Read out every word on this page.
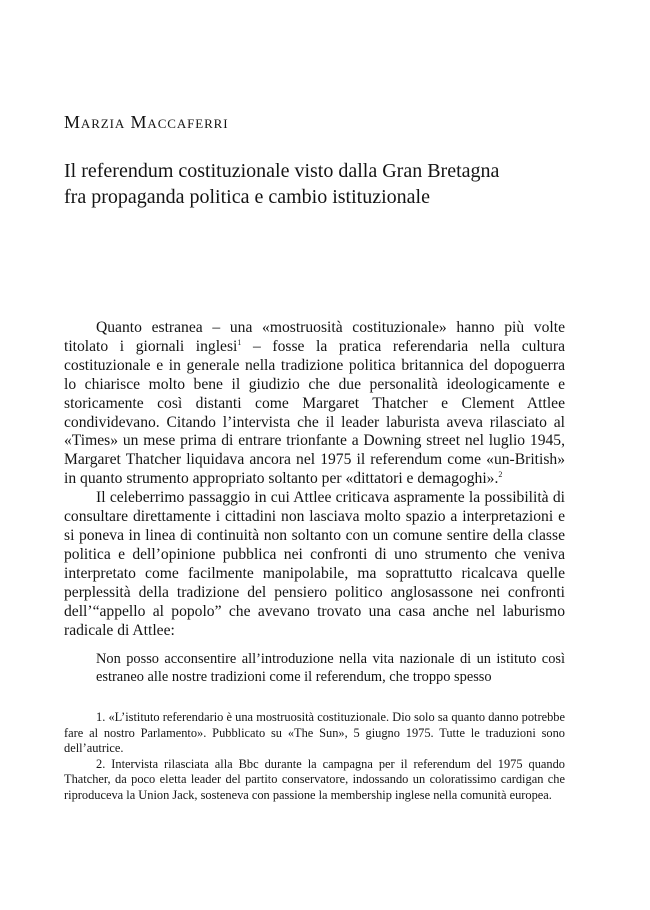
Marzia Maccaferri
Il referendum costituzionale visto dalla Gran Bretagna
fra propaganda politica e cambio istituzionale

Quanto estranea – una «mostruosità costituzionale» hanno più volte titolato i giornali inglesi$^1$ – fosse la pratica referendaria nella cultura costituzionale e in generale nella tradizione politica britannica del dopoguerra lo chiarisce molto bene il giudizio che due personalità ideologicamente e storicamente così distanti come Margaret Thatcher e Clement Attlee condividevano. Citando l’intervista che il leader laburista aveva rilasciato al «Times» un mese prima di entrare trionfante a Downing street nel luglio 1945, Margaret Thatcher liquidava ancora nel 1975 il referendum come «un-British» in quanto strumento appropriato soltanto per «dittatori e demagoghi».$^2$

Il celeberrimo passaggio in cui Attlee criticava aspramente la possibilità di consultare direttamente i cittadini non lasciava molto spazio a interpretazioni e si poneva in linea di continuità non soltanto con un comune sentire della classe politica e dell’opinione pubblica nei confronti di uno strumento che veniva interpretato come facilmente manipolabile, ma soprattutto ricalcava quelle perplessità della tradizione del pensiero politico anglosassone nei confronti dell’“appello al popolo” che avevano trovato una casa anche nel laburismo radicale di Attlee:

Non posso acconsentire all’introduzione nella vita nazionale di un istituto così estraneo alle nostre tradizioni come il referendum, che troppo spesso

1. «L’istituto referendario è una mostruosità costituzionale. Dio solo sa quanto danno potrebbe fare al nostro Parlamento». Pubblicato su «The Sun», 5 giugno 1975. Tutte le traduzioni sono dell’autrice.

2. Intervista rilasciata alla Bbc durante la campagna per il referendum del 1975 quando Thatcher, da poco eletta leader del partito conservatore, indossando un coloratissimo cardigan che riproduceva la Union Jack, sosteneva con passione la membership inglese nella comunità europea.
